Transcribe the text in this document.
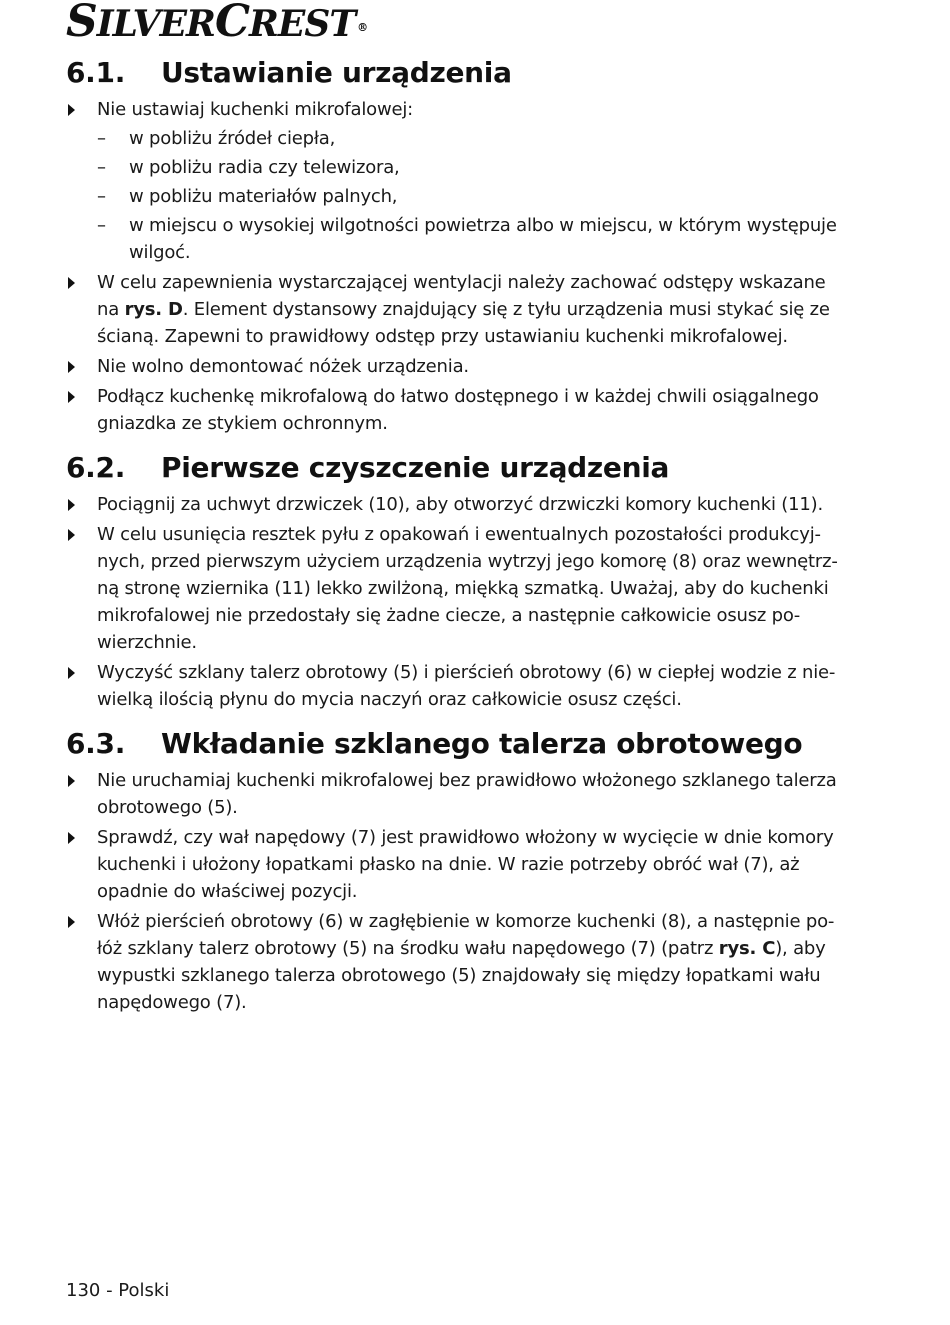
SILVERCREST ®
6.1.	Ustawianie urządzenia
Nie ustawiaj kuchenki mikrofalowej:
– w pobliżu źródeł ciepła,
– w pobliżu radia czy telewizora,
– w pobliżu materiałów palnych,
– w miejscu o wysokiej wilgotności powietrza albo w miejscu, w którym występuje wilgoć.
W celu zapewnienia wystarczającej wentylacji należy zachować odstępy wskazane na rys. D. Element dystansowy znajdujący się z tyłu urządzenia musi stykać się ze ścianą. Zapewni to prawidłowy odstęp przy ustawianiu kuchenki mikrofalowej.
Nie wolno demontować nóżek urządzenia.
Podłącz kuchenkę mikrofalową do łatwo dostępnego i w każdej chwili osiągalnego gniazdka ze stykiem ochronnym.
6.2.	Pierwsze czyszczenie urządzenia
Pociągnij za uchwyt drzwiczek (10), aby otworzyć drzwiczki komory kuchenki (11).
W celu usunięcia resztek pyłu z opakowań i ewentualnych pozostałości produkcyjnych, przed pierwszym użyciem urządzenia wytrzyj jego komorę (8) oraz wewnętrzną stronę wziernika (11) lekko zwilżoną, miękką szmatką. Uważaj, aby do kuchenki mikrofalowej nie przedostały się żadne ciecze, a następnie całkowicie osusz powierzchnie.
Wyczyść szklany talerz obrotowy (5) i pierścień obrotowy (6) w ciepłej wodzie z niewielką ilością płynu do mycia naczyń oraz całkowicie osusz części.
6.3.	Wkładanie szklanego talerza obrotowego
Nie uruchamiaj kuchenki mikrofalowej bez prawidłowo włożonego szklanego talerza obrotowego (5).
Sprawdź, czy wał napędowy (7) jest prawidłowo włożony w wycięcie w dnie komory kuchenki i ułożony łopatkami płasko na dnie. W razie potrzeby obróć wał (7), aż opadnie do właściwej pozycji.
Włóż pierścień obrotowy (6) w zagłębienie w komorze kuchenki (8), a następnie połóż szklany talerz obrotowy (5) na środku wału napędowego (7) (patrz rys. C), aby wypustki szklanego talerza obrotowego (5) znajdowały się między łopatkami wału napędowego (7).
130 - Polski
